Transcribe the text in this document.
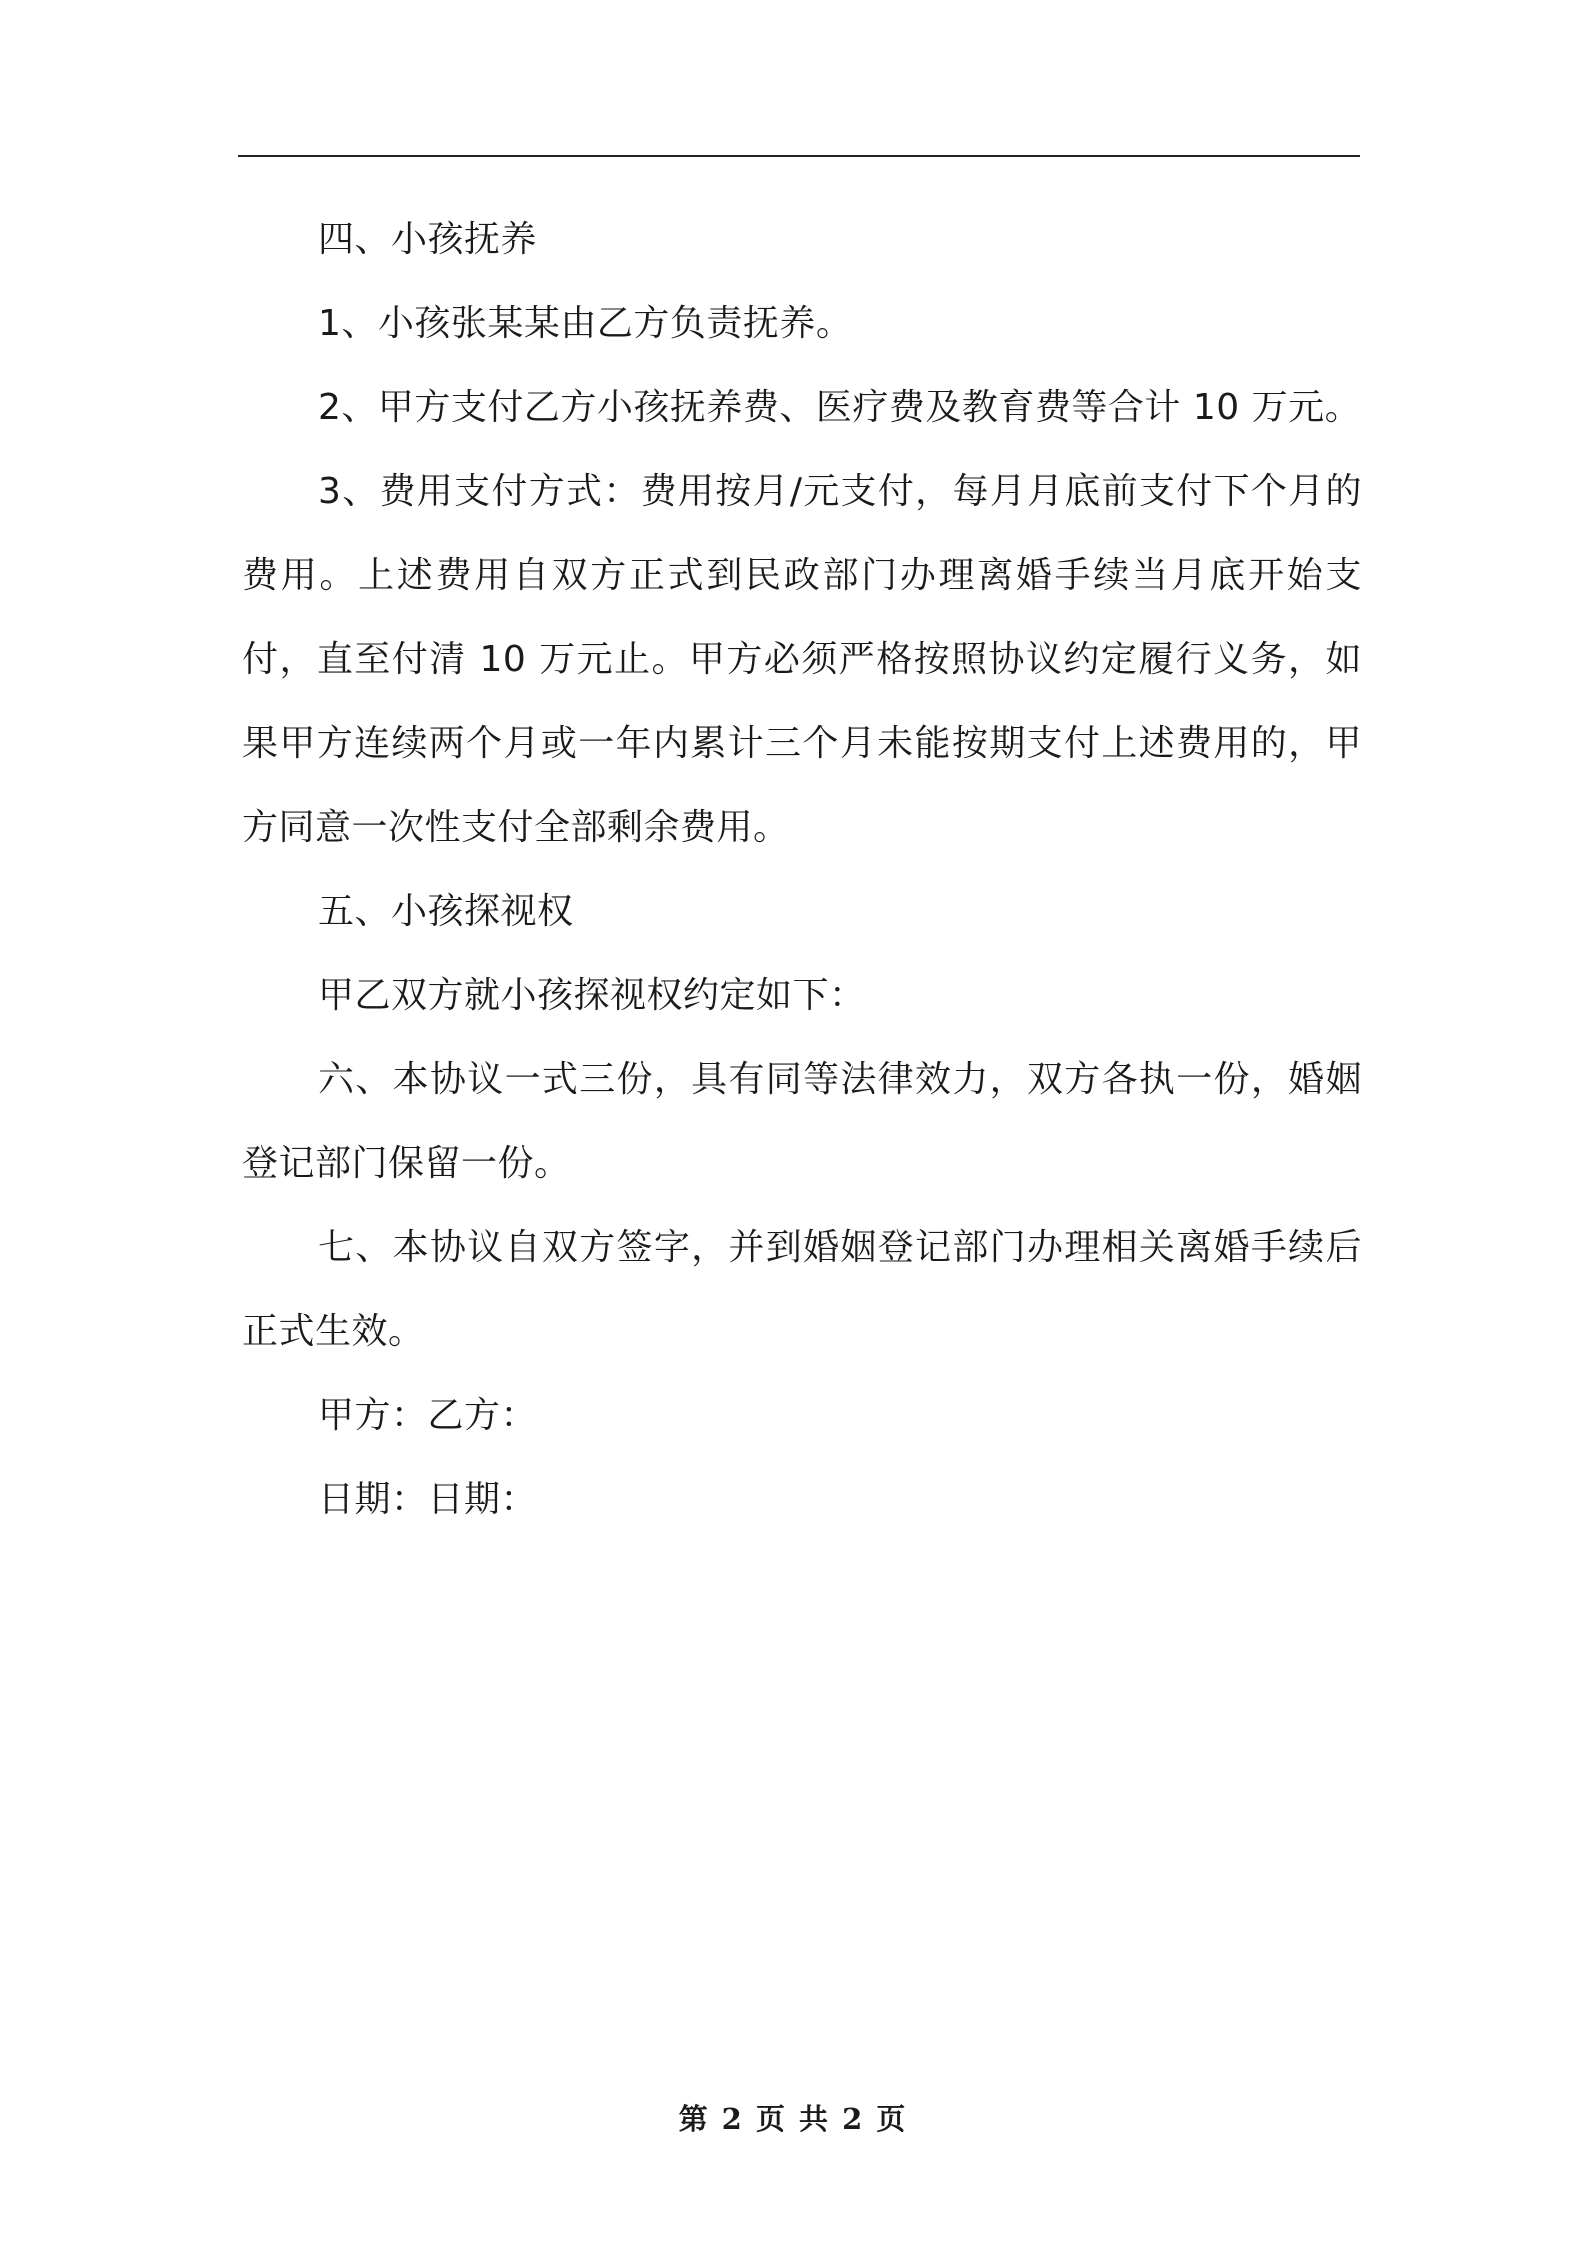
四、小孩抚养

1、小孩张某某由乙方负责抚养。

2、甲方支付乙方小孩抚养费、医疗费及教育费等合计 10 万元。

3、费用支付方式：费用按月/元支付，每月月底前支付下个月的费用。上述费用自双方正式到民政部门办理离婚手续当月底开始支付，直至付清 10 万元止。甲方必须严格按照协议约定履行义务，如果甲方连续两个月或一年内累计三个月未能按期支付上述费用的，甲方同意一次性支付全部剩余费用。

五、小孩探视权

甲乙双方就小孩探视权约定如下：

六、本协议一式三份，具有同等法律效力，双方各执一份，婚姻登记部门保留一份。

七、本协议自双方签字，并到婚姻登记部门办理相关离婚手续后正式生效。

甲方：乙方：

日期：日期：

第 2 页 共 2 页
